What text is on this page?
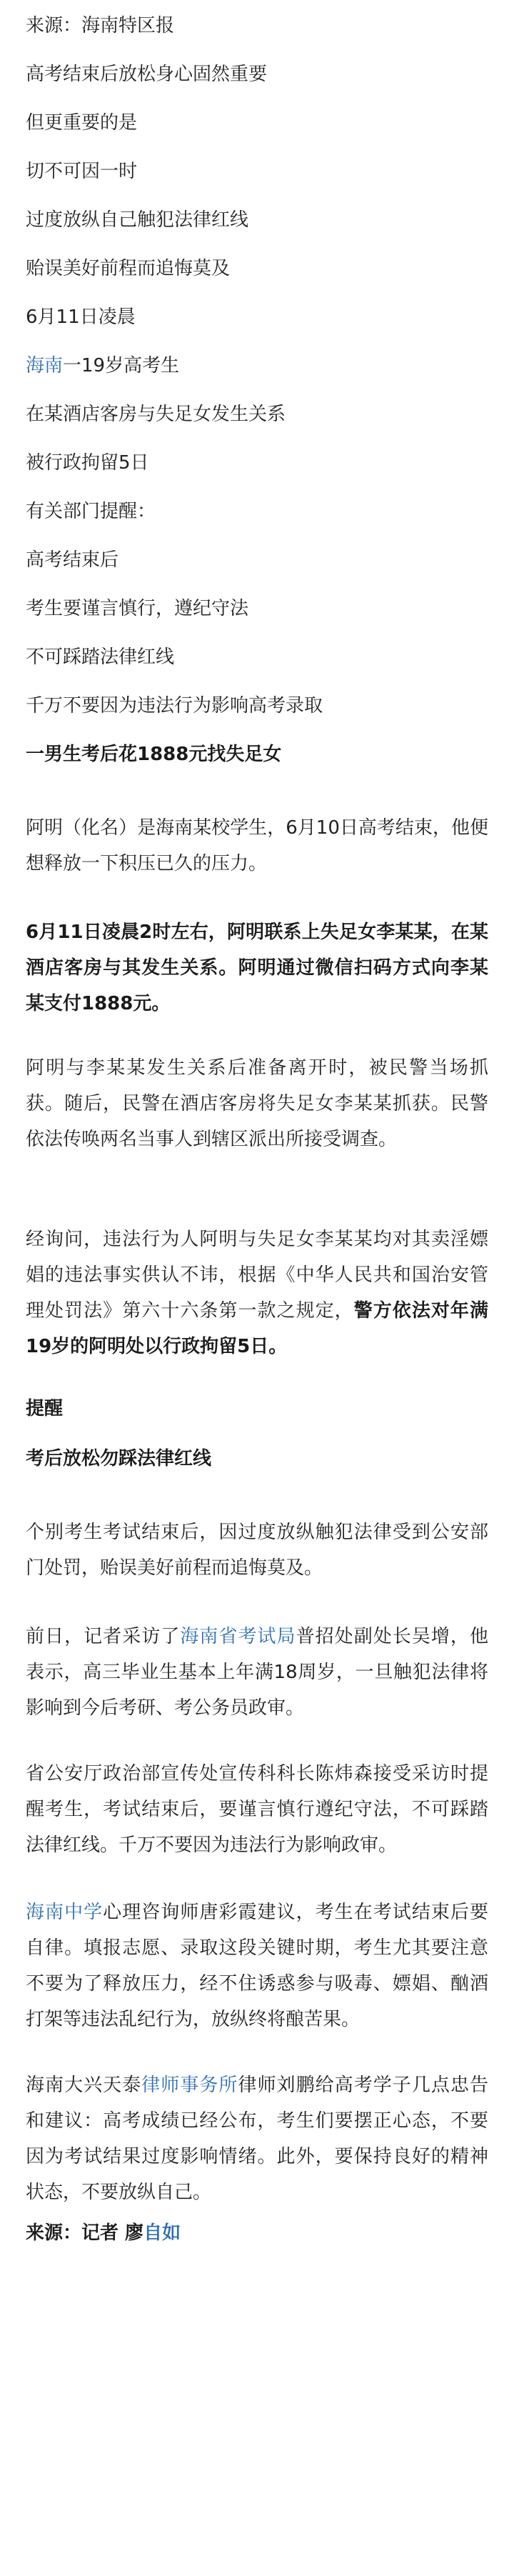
来源：海南特区报

高考结束后放松身心固然重要

但更重要的是

切不可因一时

过度放纵自己触犯法律红线

贻误美好前程而追悔莫及

6月11日凌晨

海南一19岁高考生

在某酒店客房与失足女发生关系

被行政拘留5日

有关部门提醒：

高考结束后

考生要谨言慎行，遵纪守法

不可踩踏法律红线

千万不要因为违法行为影响高考录取

一男生考后花1888元找失足女

阿明（化名）是海南某校学生，6月10日高考结束，他便想释放一下积压已久的压力。

6月11日凌晨2时左右，阿明联系上失足女李某某，在某酒店客房与其发生关系。阿明通过微信扫码方式向李某某支付1888元。

阿明与李某某发生关系后准备离开时，被民警当场抓获。随后，民警在酒店客房将失足女李某某抓获。民警依法传唤两名当事人到辖区派出所接受调查。

经询问，违法行为人阿明与失足女李某某均对其卖淫嫖娼的违法事实供认不讳，根据《中华人民共和国治安管理处罚法》第六十六条第一款之规定，警方依法对年满19岁的阿明处以行政拘留5日。

提醒

考后放松勿踩法律红线

个别考生考试结束后，因过度放纵触犯法律受到公安部门处罚，贻误美好前程而追悔莫及。

前日，记者采访了海南省考试局普招处副处长吴增，他表示，高三毕业生基本上年满18周岁，一旦触犯法律将影响到今后考研、考公务员政审。

省公安厅政治部宣传处宣传科科长陈炜森接受采访时提醒考生，考试结束后，要谨言慎行遵纪守法，不可踩踏法律红线。千万不要因为违法行为影响政审。

海南中学心理咨询师唐彩霞建议，考生在考试结束后要自律。填报志愿、录取这段关键时期，考生尤其要注意不要为了释放压力，经不住诱惑参与吸毒、嫖娼、酗酒打架等违法乱纪行为，放纵终将酿苦果。

海南大兴天泰律师事务所律师刘鹏给高考学子几点忠告和建议：高考成绩已经公布，考生们要摆正心态，不要因为考试结果过度影响情绪。此外，要保持良好的精神状态，不要放纵自己。

来源：记者 廖自如
